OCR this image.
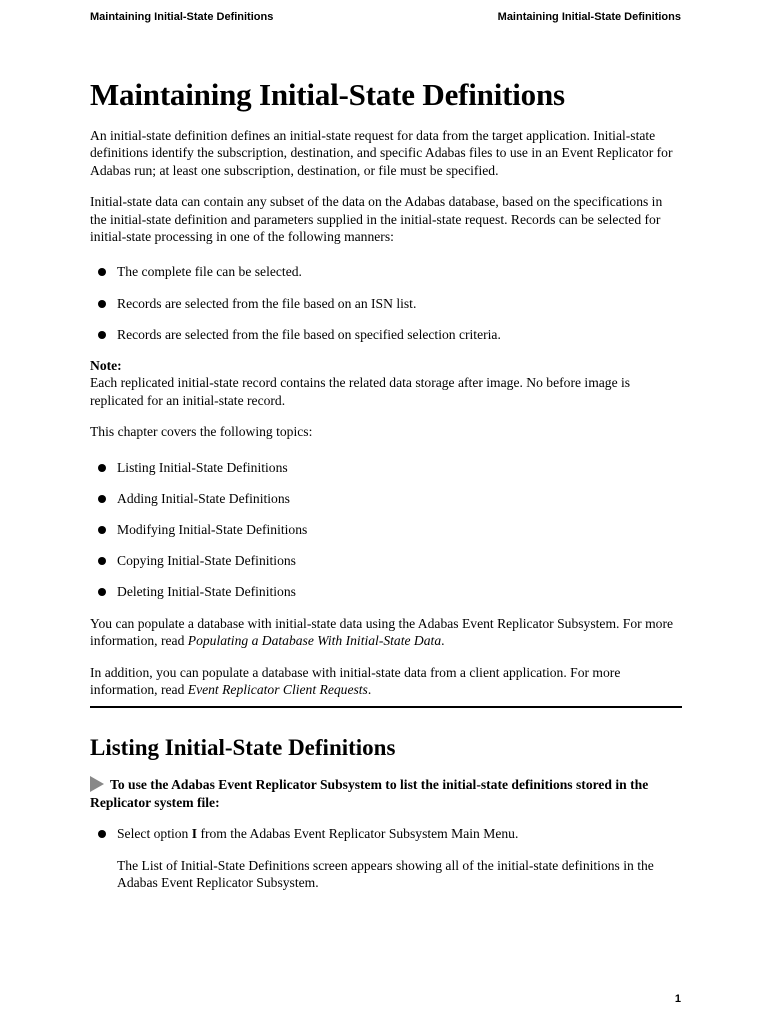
Maintaining Initial-State Definitions	Maintaining Initial-State Definitions
Maintaining Initial-State Definitions

An initial-state definition defines an initial-state request for data from the target application. Initial-state definitions identify the subscription, destination, and specific Adabas files to use in an Event Replicator for Adabas run; at least one subscription, destination, or file must be specified.

Initial-state data can contain any subset of the data on the Adabas database, based on the specifications in the initial-state definition and parameters supplied in the initial-state request. Records can be selected for initial-state processing in one of the following manners:

The complete file can be selected.
Records are selected from the file based on an ISN list.
Records are selected from the file based on specified selection criteria.

Note:
Each replicated initial-state record contains the related data storage after image. No before image is replicated for an initial-state record.

This chapter covers the following topics:

Listing Initial-State Definitions
Adding Initial-State Definitions
Modifying Initial-State Definitions
Copying Initial-State Definitions
Deleting Initial-State Definitions

You can populate a database with initial-state data using the Adabas Event Replicator Subsystem. For more information, read Populating a Database With Initial-State Data.

In addition, you can populate a database with initial-state data from a client application. For more information, read Event Replicator Client Requests.

Listing Initial-State Definitions

To use the Adabas Event Replicator Subsystem to list the initial-state definitions stored in the Replicator system file:

Select option I from the Adabas Event Replicator Subsystem Main Menu.

The List of Initial-State Definitions screen appears showing all of the initial-state definitions in the Adabas Event Replicator Subsystem.

1
